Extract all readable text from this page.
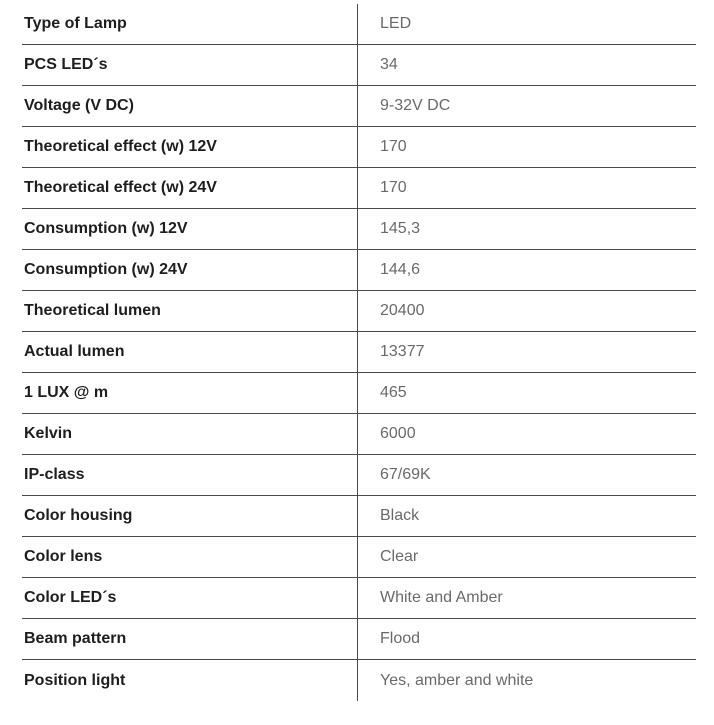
Type of Lamp	LED
PCS LED´s	34
Voltage (V DC)	9-32V DC
Theoretical effect (w) 12V	170
Theoretical effect (w) 24V	170
Consumption (w) 12V	145,3
Consumption (w) 24V	144,6
Theoretical lumen	20400
Actual lumen	13377
1 LUX @ m	465
Kelvin	6000
IP-class	67/69K
Color housing	Black
Color lens	Clear
Color LED´s	White and Amber
Beam pattern	Flood
Position light	Yes, amber and white
